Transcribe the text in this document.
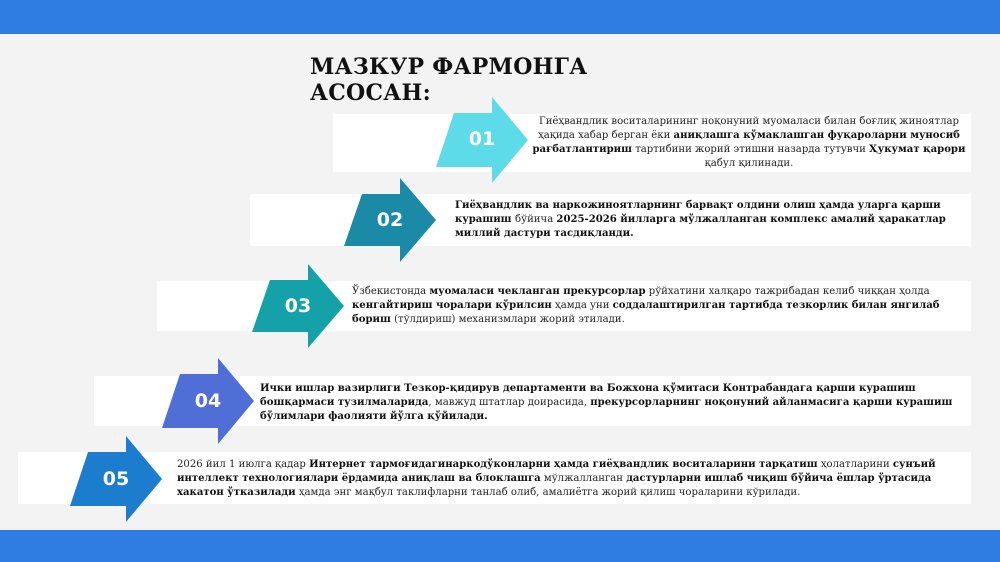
МАЗКУР ФАРМОНГА АСОСАН:
01
Гиёҳвандлик воситаларининг ноқонуний муомаласи билан боғлиқ жиноятлар ҳақида хабар берган ёки аниқлашга кўмаклашган фуқароларни муносиб рағбатлантириш тартибини жорий этишни назарда тутувчи Ҳукумат қарори қабул қилинади.
02
Гиёҳвандлик ва наркожиноятларнинг барвақт олдини олиш ҳамда уларга қарши курашиш бўйича 2025-2026 йилларга мўлжалланган комплекс амалий ҳаракатлар миллий дастури тасдиқланди.
03
Ўзбекистонда муомаласи чекланган прекурсорлар рўйхатини халқаро тажрибадан келиб чиққан ҳолда кенгайтириш чоралари кўрилсин ҳамда уни соддалаштирилган тартибда тезкорлик билан янгилаб бориш (тўлдириш) механизмлари жорий этилади.
04
Ички ишлар вазирлиги Тезкор-қидирув департаменти ва Божхона қўмитаси Контрабандага қарши курашиш бошқармаси тузилмаларида, мавжуд штатлар доирасида, прекурсорларнинг ноқонуний айланмасига қарши курашиш бўлимлари фаолияти йўлга қўйилади.
05
2026 йил 1 июлга қадар Интернет тармоғидагинаркодўконларни ҳамда гиёҳвандлик воситаларини тарқатиш ҳолатларини сунъий интеллект технологиялари ёрдамида аниқлаш ва блоклашга мўлжалланган дастурларни ишлаб чиқиш бўйича ёшлар ўртасида хакатон ўтказилади ҳамда энг мақбул таклифларни танлаб олиб, амалиётга жорий қилиш чораларини кўрилади.
